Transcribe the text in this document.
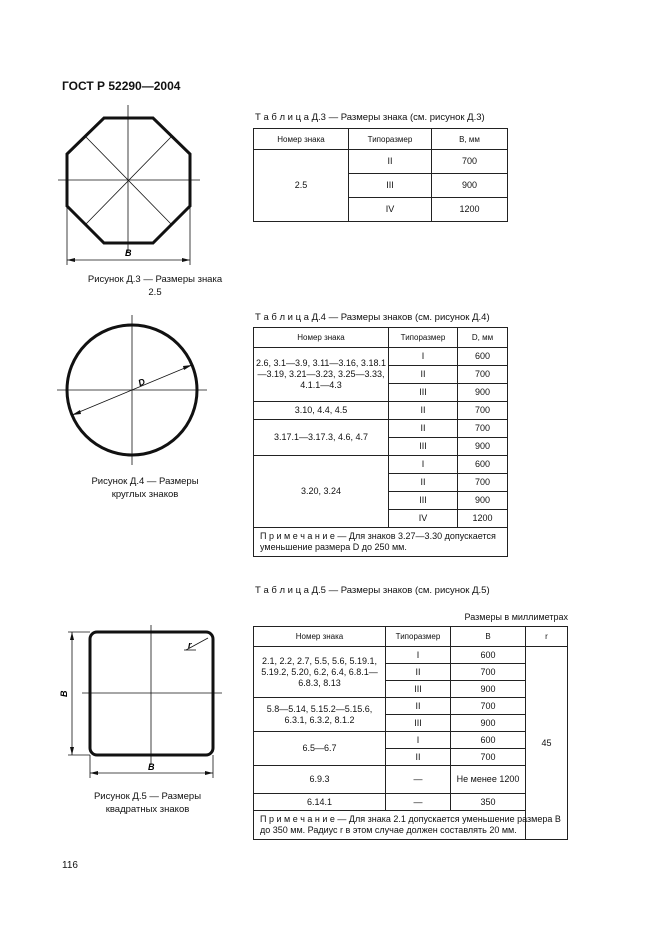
ГОСТ Р 52290—2004
B
Рисунок Д.3 — Размеры знака 2.5
Т а б л и ц а Д.3 — Размеры знака (см. рисунок Д.3)
Номер знака	Типоразмер	B, мм
2.5	II	700
	III	900
	IV	1200
D
Рисунок Д.4 — Размеры круглых знаков
Т а б л и ц а Д.4 — Размеры знаков (см. рисунок Д.4)
Номер знака	Типоразмер	D, мм
2.6, 3.1—3.9, 3.11—3.16, 3.18.1—3.19, 3.21—3.23, 3.25—3.33, 4.1.1—4.3	I	600
	II	700
	III	900
3.10, 4.4, 4.5	II	700
3.17.1—3.17.3, 4.6, 4.7	II	700
	III	900
3.20, 3.24	I	600
	II	700
	III	900
	IV	1200
П р и м е ч а н и е — Для знаков 3.27—3.30 допускается уменьшение размера D до 250 мм.		
B
B
r
Рисунок Д.5 — Размеры квадратных знаков
Т а б л и ц а Д.5 — Размеры знаков (см. рисунок Д.5)
Размеры в миллиметрах
Номер знака	Типоразмер	B	r
2.1, 2.2, 2.7, 5.5, 5.6, 5.19.1, 5.19.2, 5.20, 6.2, 6.4, 6.8.1—6.8.3, 8.13	I	600	45
	II	700	
	III	900	
5.8—5.14, 5.15.2—5.15.6, 6.3.1, 6.3.2, 8.1.2	II	700	
	III	900	
6.5—6.7	I	600	
	II	700	
6.9.3	—	Не менее 1200	
6.14.1	—	350	
П р и м е ч а н и е — Для знака 2.1 допускается уменьшение размера B до 350 мм. Радиус r в этом случае должен составлять 20 мм.			
116
